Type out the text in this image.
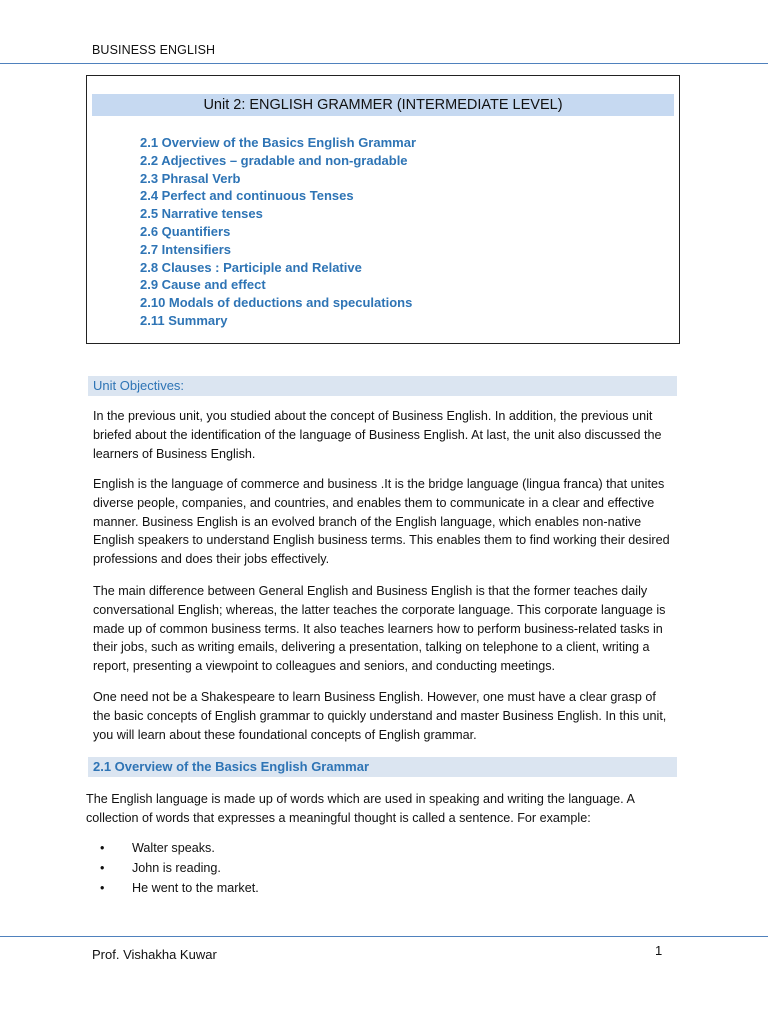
BUSINESS ENGLISH
Unit 2: ENGLISH GRAMMER (INTERMEDIATE LEVEL)
2.1 Overview of the Basics English Grammar
2.2 Adjectives – gradable and non-gradable
2.3 Phrasal Verb
2.4 Perfect and continuous Tenses
2.5 Narrative tenses
2.6 Quantifiers
2.7 Intensifiers
2.8 Clauses : Participle and Relative
2.9 Cause and effect
2.10 Modals of deductions and speculations
2.11 Summary
Unit Objectives:

In the previous unit, you studied about the concept of Business English. In addition, the previous unit briefed about the identification of the language of Business English. At last, the unit also discussed the learners of Business English.

English is the language of commerce and business .It is the bridge language (lingua franca) that unites diverse people, companies, and countries, and enables them to communicate in a clear and effective manner. Business English is an evolved branch of the English language, which enables non-native English speakers to understand English business terms. This enables them to find working their desired professions and does their jobs effectively.

The main difference between General English and Business English is that the former teaches daily conversational English; whereas, the latter teaches the corporate language. This corporate language is made up of common business terms. It also teaches learners how to perform business-related tasks in their jobs, such as writing emails, delivering a presentation, talking on telephone to a client, writing a report, presenting a viewpoint to colleagues and seniors, and conducting meetings.

One need not be a Shakespeare to learn Business English. However, one must have a clear grasp of the basic concepts of English grammar to quickly understand and master Business English. In this unit, you will learn about these foundational concepts of English grammar.

2.1 Overview of the Basics English Grammar

The English language is made up of words which are used in speaking and writing the language. A collection of words that expresses a meaningful thought is called a sentence. For example:

• Walter speaks.
• John is reading.
• He went to the market.
Prof. Vishakha Kuwar	1
